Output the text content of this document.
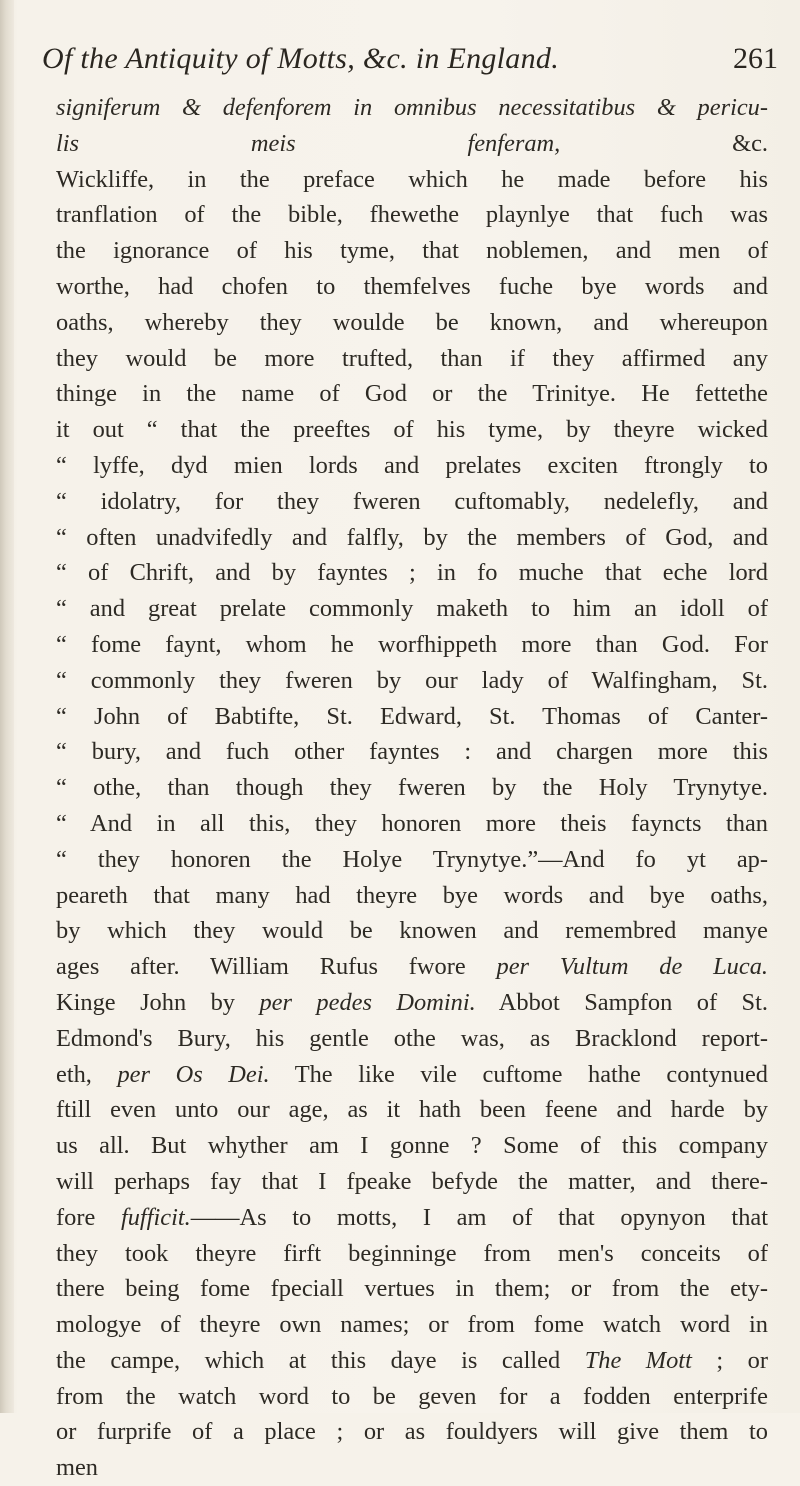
Of the Antiquity of Motts, &c. in England.	261
signiferum & defenforem in omnibus necessitatibus & pericu-
lis meis fenferam, &c.
Wickliffe, in the preface which he made before his
tranflation of the bible, fhewethe playnlye that fuch was
the ignorance of his tyme, that noblemen, and men of
worthe, had chofen to themfelves fuche bye words and
oaths, whereby they woulde be known, and whereupon
they would be more trufted, than if they affirmed any
thinge in the name of God or the Trinitye. He fettethe
it out “ that the preeftes of his tyme, by theyre wicked
“ lyffe, dyd mien lords and prelates exciten ftrongly to
“ idolatry, for they fweren cuftomably, nedelefly, and
“ often unadvifedly and falfly, by the members of God, and
“ of Chrift, and by fayntes ; in fo muche that eche lord
“ and great prelate commonly maketh to him an idoll of
“ fome faynt, whom he worfhippeth more than God. For
“ commonly they fweren by our lady of Walfingham, St.
“ John of Babtifte, St. Edward, St. Thomas of Canter-
“ bury, and fuch other fayntes : and chargen more this
“ othe, than though they fweren by the Holy Trynytye.
“ And in all this, they honoren more theis fayncts than
“ they honoren the Holye Trynytye.”—And fo yt ap-
peareth that many had theyre bye words and bye oaths,
by which they would be knowen and remembred manye
ages after. William Rufus fwore per Vultum de Luca.
Kinge John by per pedes Domini. Abbot Sampfon of St.
Edmond's Bury, his gentle othe was, as Bracklond report-
eth, per Os Dei. The like vile cuftome hathe contynued
ftill even unto our age, as it hath been feene and harde by
us all. But whyther am I gonne ? Some of this company
will perhaps fay that I fpeake befyde the matter, and there-
fore fufficit.——As to motts, I am of that opynyon that
they took theyre firft beginninge from men's conceits of
there being fome fpeciall vertues in them; or from the ety-
mologye of theyre own names; or from fome watch word in
the campe, which at this daye is called The Mott ; or
from the watch word to be geven for a fodden enterprife
or furprife of a place ; or as fouldyers will give them to
men
